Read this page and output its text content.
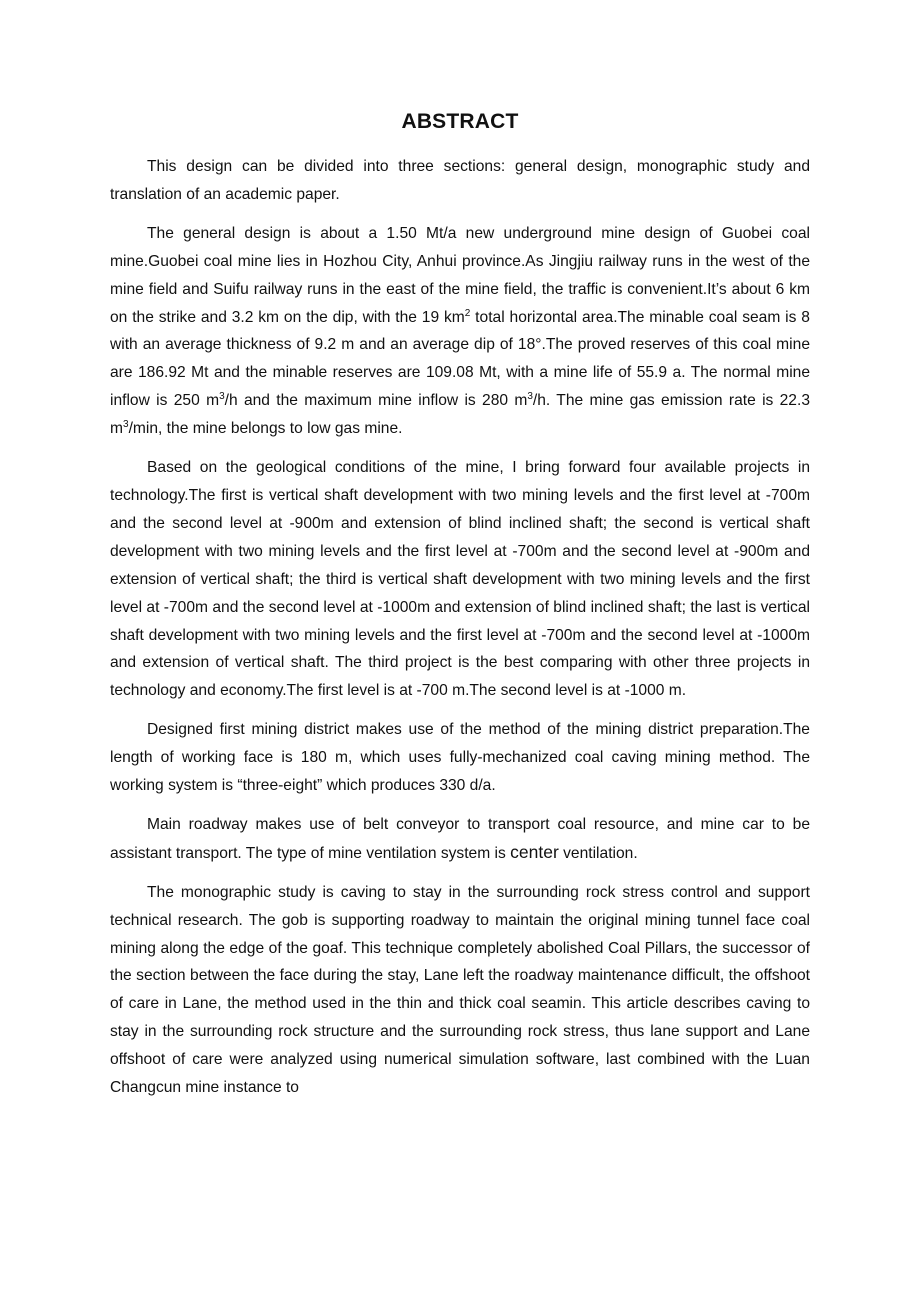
ABSTRACT

This design can be divided into three sections: general design, monographic study and translation of an academic paper.

The general design is about a 1.50 Mt/a new underground mine design of Guobei coal mine.Guobei coal mine lies in Hozhou City, Anhui province.As Jingjiu railway runs in the west of the mine field and Suifu railway runs in the east of the mine field, the traffic is convenient.It’s about 6 km on the strike and 3.2 km on the dip, with the 19 $km^2$ total horizontal area.The minable coal seam is 8 with an average thickness of 9.2 m and an average dip of 18°.The proved reserves of this coal mine are 186.92 Mt and the minable reserves are 109.08 Mt, with a mine life of 55.9 a. The normal mine inflow is 250 $m^3/h$ and the maximum mine inflow is 280 $m^3/h$. The mine gas emission rate is 22.3 $m^3/\min$, the mine belongs to low gas mine.

Based on the geological conditions of the mine, I bring forward four available projects in technology.The first is vertical shaft development with two mining levels and the first level at -700m and the second level at -900m and extension of blind inclined shaft; the second is vertical shaft development with two mining levels and the first level at -700m and the second level at -900m and extension of vertical shaft; the third is vertical shaft development with two mining levels and the first level at -700m and the second level at -1000m and extension of blind inclined shaft; the last is vertical shaft development with two mining levels and the first level at -700m and the second level at -1000m and extension of vertical shaft. The third project is the best comparing with other three projects in technology and economy.The first level is at -700 m.The second level is at -1000 m.

Designed first mining district makes use of the method of the mining district preparation.The length of working face is 180 m, which uses fully-mechanized coal caving mining method. The working system is “three-eight” which produces 330 d/a.

Main roadway makes use of belt conveyor to transport coal resource, and mine car to be assistant transport. The type of mine ventilation system is center ventilation.

The monographic study is caving to stay in the surrounding rock stress control and support technical research. The gob is supporting roadway to maintain the original mining tunnel face coal mining along the edge of the goaf. This technique completely abolished Coal Pillars, the successor of the section between the face during the stay, Lane left the roadway maintenance difficult, the offshoot of care in Lane, the method used in the thin and thick coal seamin. This article describes caving to stay in the surrounding rock structure and the surrounding rock stress, thus lane support and Lane offshoot of care were analyzed using numerical simulation software, last combined with the Luan Changcun mine instance to
